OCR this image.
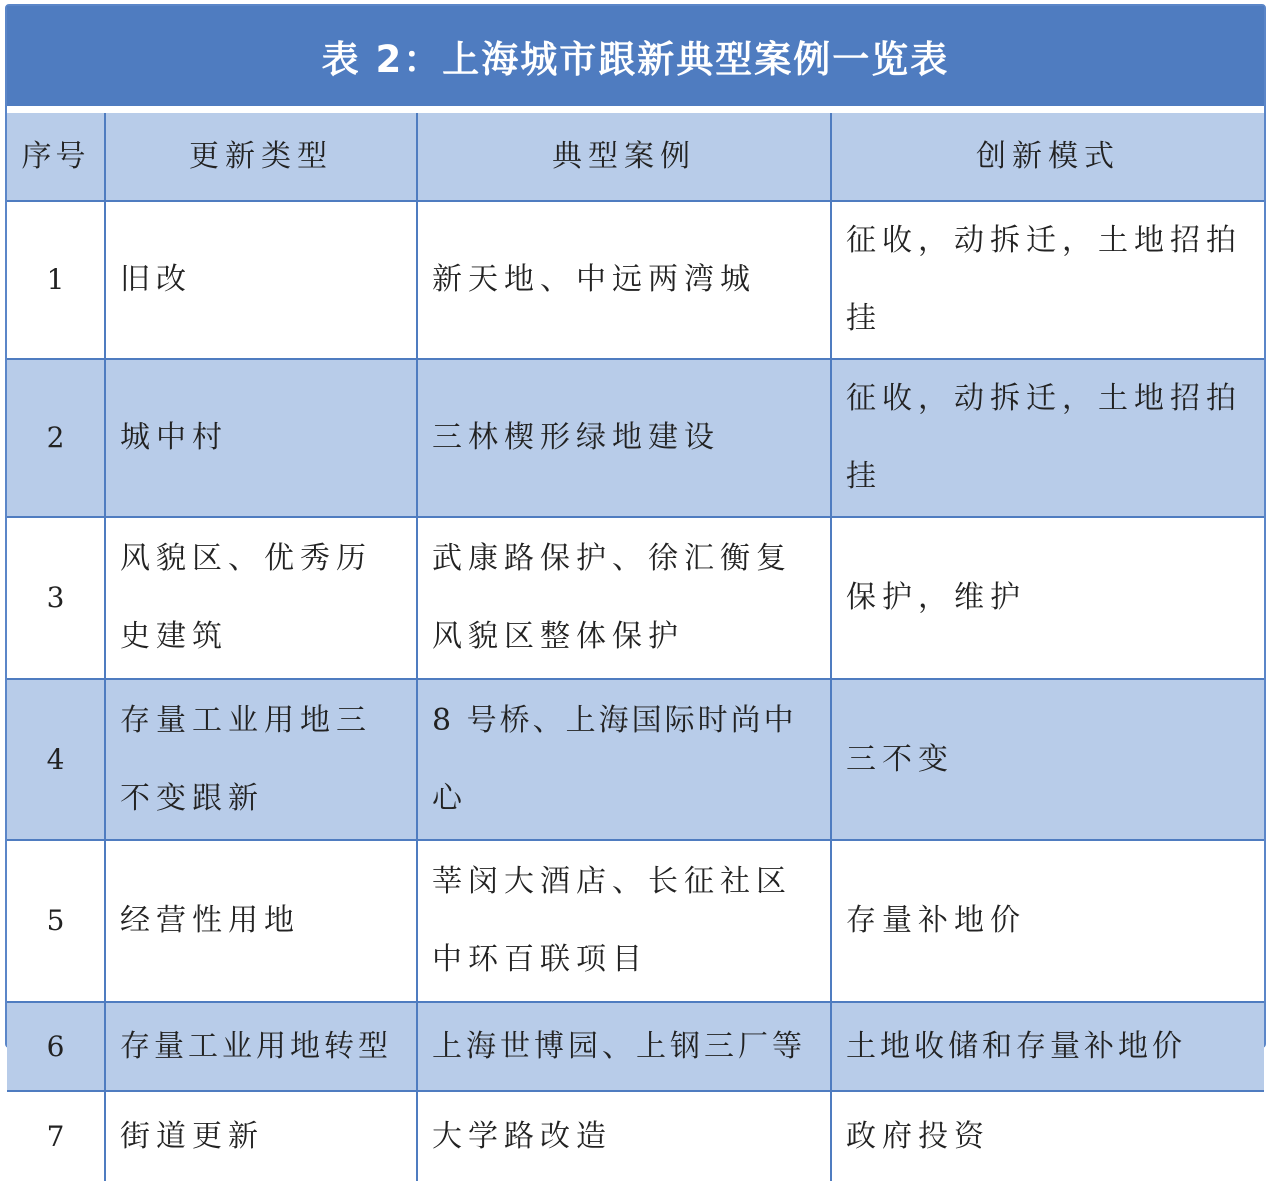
表 2：上海城市跟新典型案例一览表
序号	更新类型	典型案例	创新模式
1	旧改	新天地、中远两湾城	征收，动拆迁，土地招拍挂
2	城中村	三林楔形绿地建设	征收，动拆迁，土地招拍挂
3	风貌区、优秀历史建筑	武康路保护、徐汇衡复风貌区整体保护	保护，维护
4	存量工业用地三不变跟新	8 号桥、上海国际时尚中心	三不变
5	经营性用地	莘闵大酒店、长征社区中环百联项目	存量补地价
6	存量工业用地转型	上海世博园、上钢三厂等	土地收储和存量补地价
7	街道更新	大学路改造	政府投资
